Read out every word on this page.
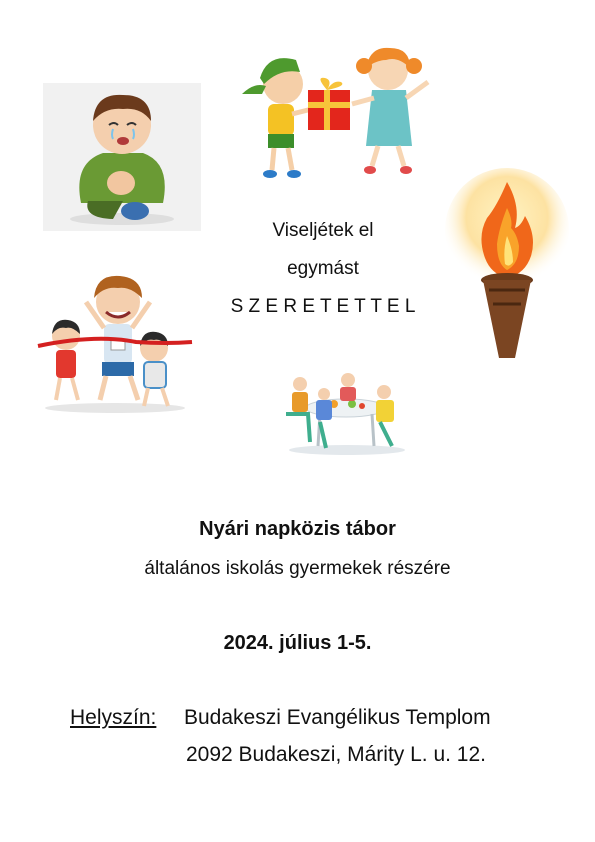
Viseljétek el
egymást
S Z E R E T E T T E L
Nyári napközis tábor
általános iskolás gyermekek részére
2024. július 1-5.
Helyszín: Budakeszi Evangélikus Templom
2092 Budakeszi, Márity L. u. 12.
